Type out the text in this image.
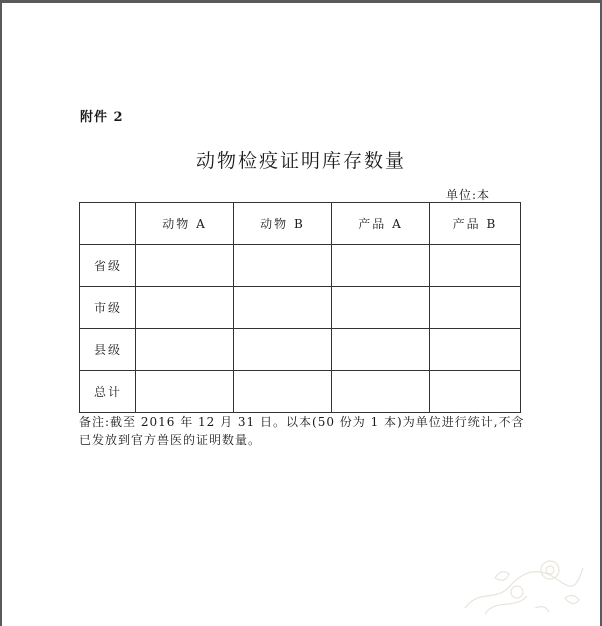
附件 2
动物检疫证明库存数量
单位:本
	动物 A	动物 B	产品 A	产品 B
省级				
市级				
县级				
总计				
备注:截至 2016 年 12 月 31 日。以本(50 份为 1 本)为单位进行统计,不含
已发放到官方兽医的证明数量。
